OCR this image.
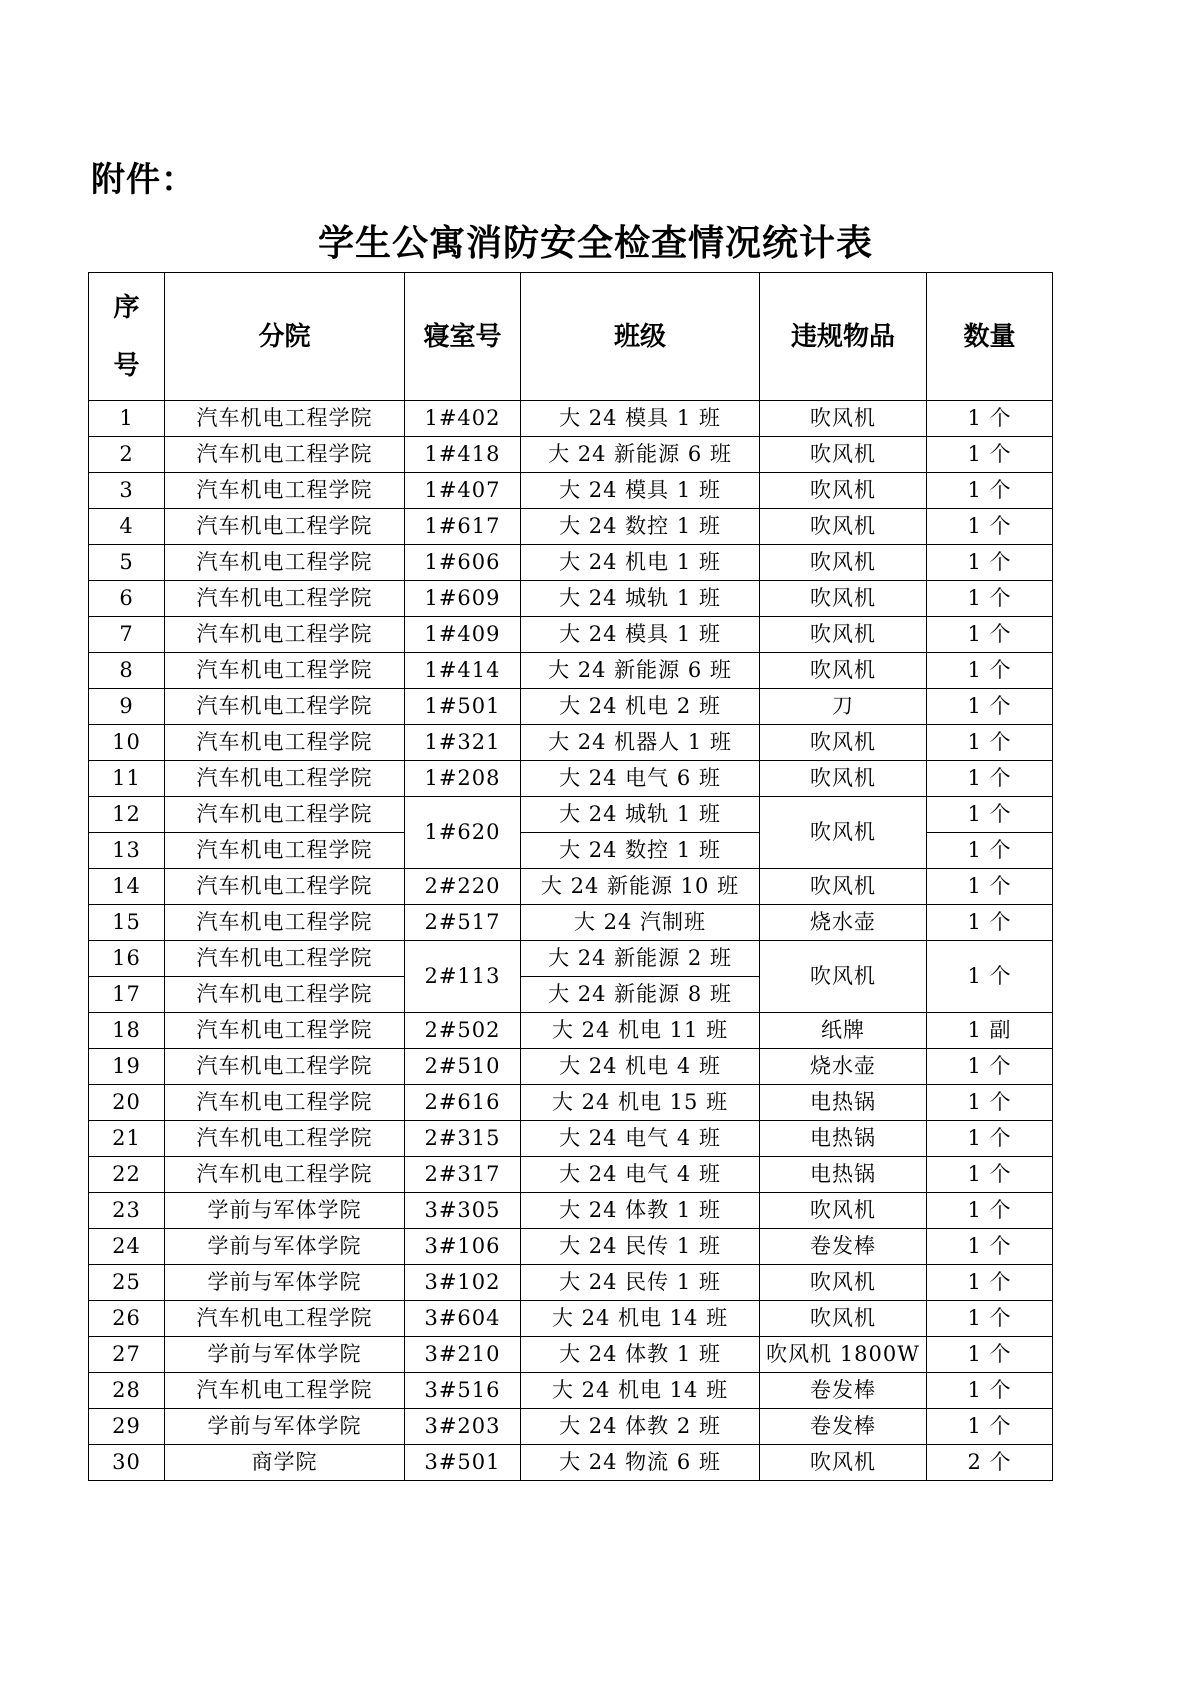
附件：
学生公寓消防安全检查情况统计表
序
号	分院	寝室号	班级	违规物品	数量
1	汽车机电工程学院	1#402	大 24 模具 1 班	吹风机	1 个
2	汽车机电工程学院	1#418	大 24 新能源 6 班	吹风机	1 个
3	汽车机电工程学院	1#407	大 24 模具 1 班	吹风机	1 个
4	汽车机电工程学院	1#617	大 24 数控 1 班	吹风机	1 个
5	汽车机电工程学院	1#606	大 24 机电 1 班	吹风机	1 个
6	汽车机电工程学院	1#609	大 24 城轨 1 班	吹风机	1 个
7	汽车机电工程学院	1#409	大 24 模具 1 班	吹风机	1 个
8	汽车机电工程学院	1#414	大 24 新能源 6 班	吹风机	1 个
9	汽车机电工程学院	1#501	大 24 机电 2 班	刀	1 个
10	汽车机电工程学院	1#321	大 24 机器人 1 班	吹风机	1 个
11	汽车机电工程学院	1#208	大 24 电气 6 班	吹风机	1 个
12	汽车机电工程学院	1#620	大 24 城轨 1 班	吹风机	1 个
13	汽车机电工程学院		大 24 数控 1 班		1 个
14	汽车机电工程学院	2#220	大 24 新能源 10 班	吹风机	1 个
15	汽车机电工程学院	2#517	大 24 汽制班	烧水壶	1 个
16	汽车机电工程学院	2#113	大 24 新能源 2 班	吹风机	1 个
17	汽车机电工程学院		大 24 新能源 8 班		
18	汽车机电工程学院	2#502	大 24 机电 11 班	纸牌	1 副
19	汽车机电工程学院	2#510	大 24 机电 4 班	烧水壶	1 个
20	汽车机电工程学院	2#616	大 24 机电 15 班	电热锅	1 个
21	汽车机电工程学院	2#315	大 24 电气 4 班	电热锅	1 个
22	汽车机电工程学院	2#317	大 24 电气 4 班	电热锅	1 个
23	学前与军体学院	3#305	大 24 体教 1 班	吹风机	1 个
24	学前与军体学院	3#106	大 24 民传 1 班	卷发棒	1 个
25	学前与军体学院	3#102	大 24 民传 1 班	吹风机	1 个
26	汽车机电工程学院	3#604	大 24 机电 14 班	吹风机	1 个
27	学前与军体学院	3#210	大 24 体教 1 班	吹风机 1800W	1 个
28	汽车机电工程学院	3#516	大 24 机电 14 班	卷发棒	1 个
29	学前与军体学院	3#203	大 24 体教 2 班	卷发棒	1 个
30	商学院	3#501	大 24 物流 6 班	吹风机	2 个
